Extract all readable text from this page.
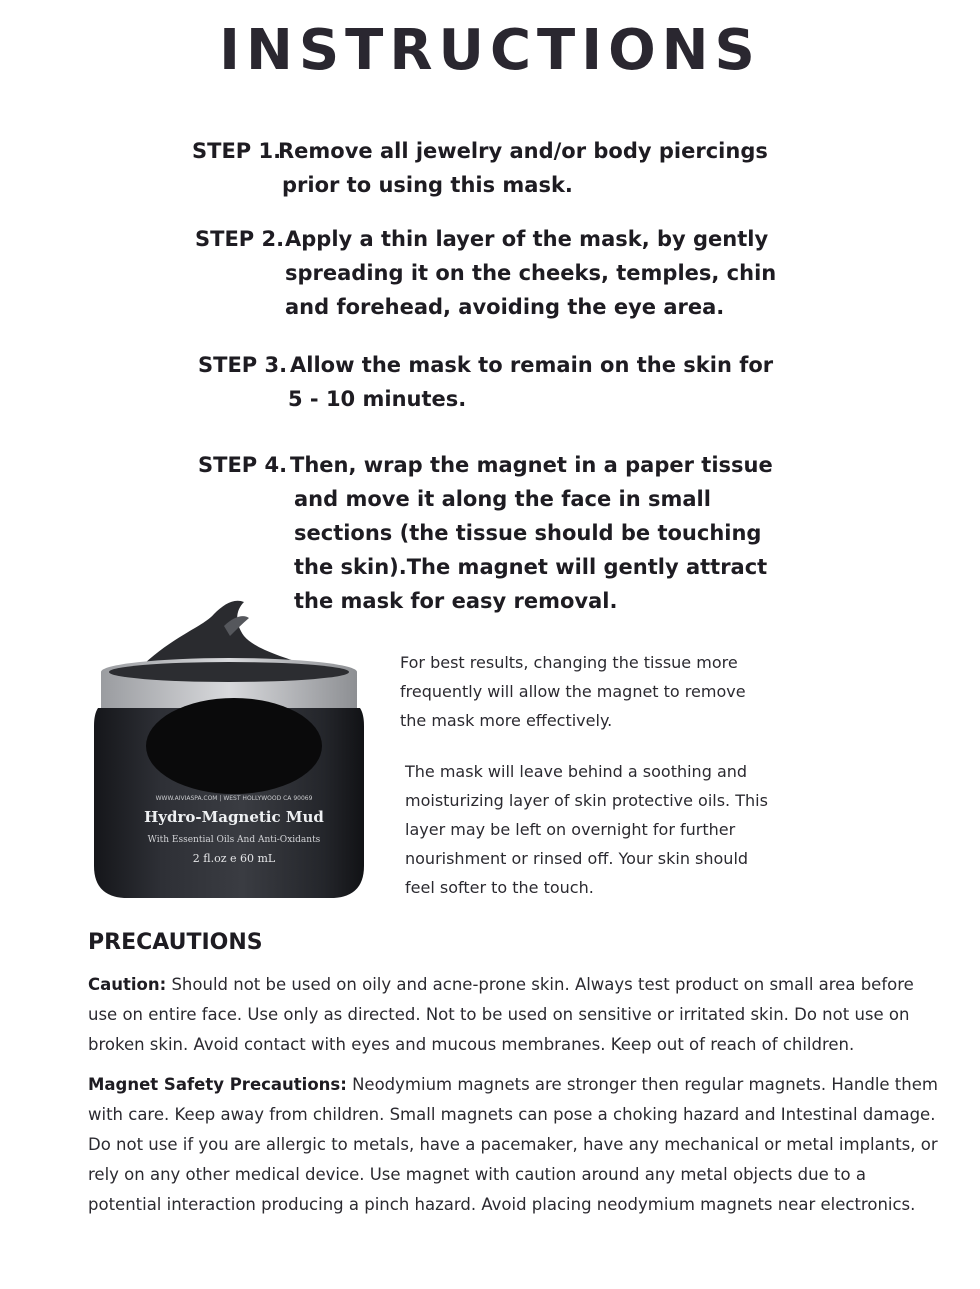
INSTRUCTIONS
STEP 1.
Remove all jewelry and/or body piercings
prior to using this mask.
STEP 2. Apply a thin layer of the mask, by gently
spreading it on the cheeks, temples, chin
and forehead, avoiding the eye area.
STEP 3. Allow the mask to remain on the skin for
5 - 10 minutes.
STEP 4. Then, wrap the magnet in a paper tissue
and move it along the face in small
sections (the tissue should be touching
the skin).The magnet will gently attract
the mask for easy removal.
WWW.AIVIASPA.COM | WEST HOLLYWOOD CA 90069
Hydro-Magnetic Mud
With Essential Oils And Anti-Oxidants
2 fl.oz e 60 mL
For best results, changing the tissue more
frequently will allow the magnet to remove
the mask more effectively.
The mask will leave behind a soothing and
moisturizing layer of skin protective oils. This
layer may be left on overnight for further
nourishment or rinsed off. Your skin should
feel softer to the touch.
PRECAUTIONS
Caution: Should not be used on oily and acne-prone skin. Always test product on small area before use on entire face. Use only as directed. Not to be used on sensitive or irritated skin. Do not use on broken skin. Avoid contact with eyes and mucous membranes. Keep out of reach of children.
Magnet Safety Precautions: Neodymium magnets are stronger then regular magnets. Handle them with care. Keep away from children. Small magnets can pose a choking hazard and Intestinal damage. Do not use if you are allergic to metals, have a pacemaker, have any mechanical or metal implants, or rely on any other medical device. Use magnet with caution around any metal objects due to a potential interaction producing a pinch hazard. Avoid placing neodymium magnets near electronics.
